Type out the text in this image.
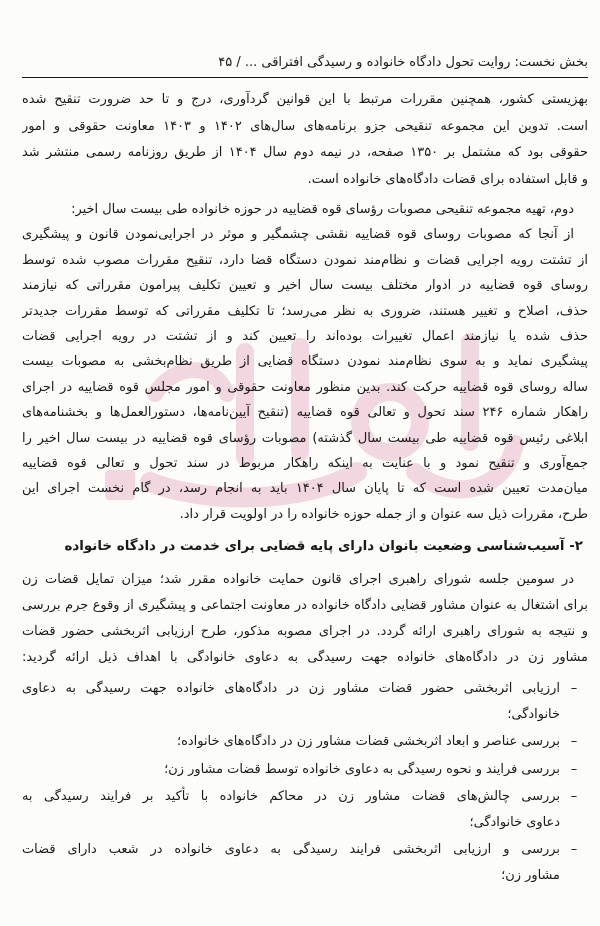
بخش نخست: روایت تحول دادگاه خانواده و رسیدگی افتراقی ... / ۴۵
بهزیستی کشور، همچنین مقررات مرتبط با این قوانین گردآوری، درج و تا حد ضرورت تنقیح شده
است. تدوین این مجموعه تنقیحی جزو برنامه‌های سال‌های ۱۴۰۲ و ۱۴۰۳ معاونت حقوقی و امور
حقوقی بود که مشتمل بر ۱۳۵۰ صفحه، در نیمه دوم سال ۱۴۰۴ از طریق روزنامه رسمی منتشر شد
و قابل استفاده برای قضات دادگاه‌های خانواده است.
دوم، تهیه مجموعه تنقیحی مصوبات رؤسای قوه قضاییه در حوزه خانواده طی بیست سال اخیر:
از آنجا که مصوبات روسای قوه قضاییه نقشی چشمگیر و موثر در اجرایی‌نمودن قانون و پیشگیری
از تشتت رویه اجرایی قضات و نظام‌مند نمودن دستگاه قضا دارد، تنقیح مقررات مصوب شده توسط
روسای قوه قضاییه در ادوار مختلف بیست سال اخیر و تعیین تکلیف پیرامون مقرراتی که نیازمند
حذف، اصلاح و تغییر هستند، ضروری به نظر می‌رسد؛ تا تکلیف مقرراتی که توسط مقررات جدیدتر
حذف شده یا نیازمند اعمال تغییرات بوده‌اند را تعیین کند و از تشتت در رویه اجرایی قضات
پیشگیری نماید و به سوی نظام‌مند نمودن دستگاه قضایی از طریق نظام‌بخشی به مصوبات بیست
ساله روسای قوه قضاییه حرکت کند. بدین منظور معاونت حقوقی و امور مجلس قوه قضاییه در اجرای
راهکار شماره ۲۴۶ سند تحول و تعالی قوه قضاییه (تنقیح آیین‌نامه‌ها، دستورالعمل‌ها و بخشنامه‌های
ابلاغی رئیس قوه قضاییه طی بیست سال گذشته) مصوبات رؤسای قوه قضاییه در بیست سال اخیر را
جمع‌آوری و تنقیح نمود و با عنایت به اینکه راهکار مربوط در سند تحول و تعالی قوه قضاییه
میان‌مدت تعیین شده است که تا پایان سال ۱۴۰۴ باید به انجام رسد، در گام نخست اجرای این
طرح، مقررات ذیل سه عنوان و از جمله حوزه خانواده را در اولویت قرار داد.
۲- آسیب‌شناسی وضعیت بانوان دارای پایه قضایی برای خدمت در دادگاه خانواده
در سومین جلسه شورای راهبری اجرای قانون حمایت خانواده مقرر شد؛ میزان تمایل قضات زن
برای اشتغال به عنوان مشاور قضایی دادگاه خانواده در معاونت اجتماعی و پیشگیری از وقوع جرم بررسی
و نتیجه به شورای راهبری ارائه گردد. در اجرای مصوبه مذکور، طرح ارزیابی اثربخشی حضور قضات
مشاور زن در دادگاه‌های خانواده جهت رسیدگی به دعاوی خانوادگی با اهداف ذیل ارائه گردید:
–
ارزیابی اثربخشی حضور قضات مشاور زن در دادگاه‌های خانواده جهت رسیدگی به دعاوی
خانوادگی؛
–
بررسی عناصر و ابعاد اثربخشی قضات مشاور زن در دادگاه‌های خانواده؛
–
بررسی فرایند و نحوه رسیدگی به دعاوی خانواده توسط قضات مشاور زن؛
–
بررسی چالش‌های قضات مشاور زن در محاکم خانواده با تأکید بر فرایند رسیدگی به
دعاوی خانوادگی؛
–
بررسی و ارزیابی اثربخشی فرایند رسیدگی به دعاوی خانواده در شعب دارای قضات
مشاور زن؛
